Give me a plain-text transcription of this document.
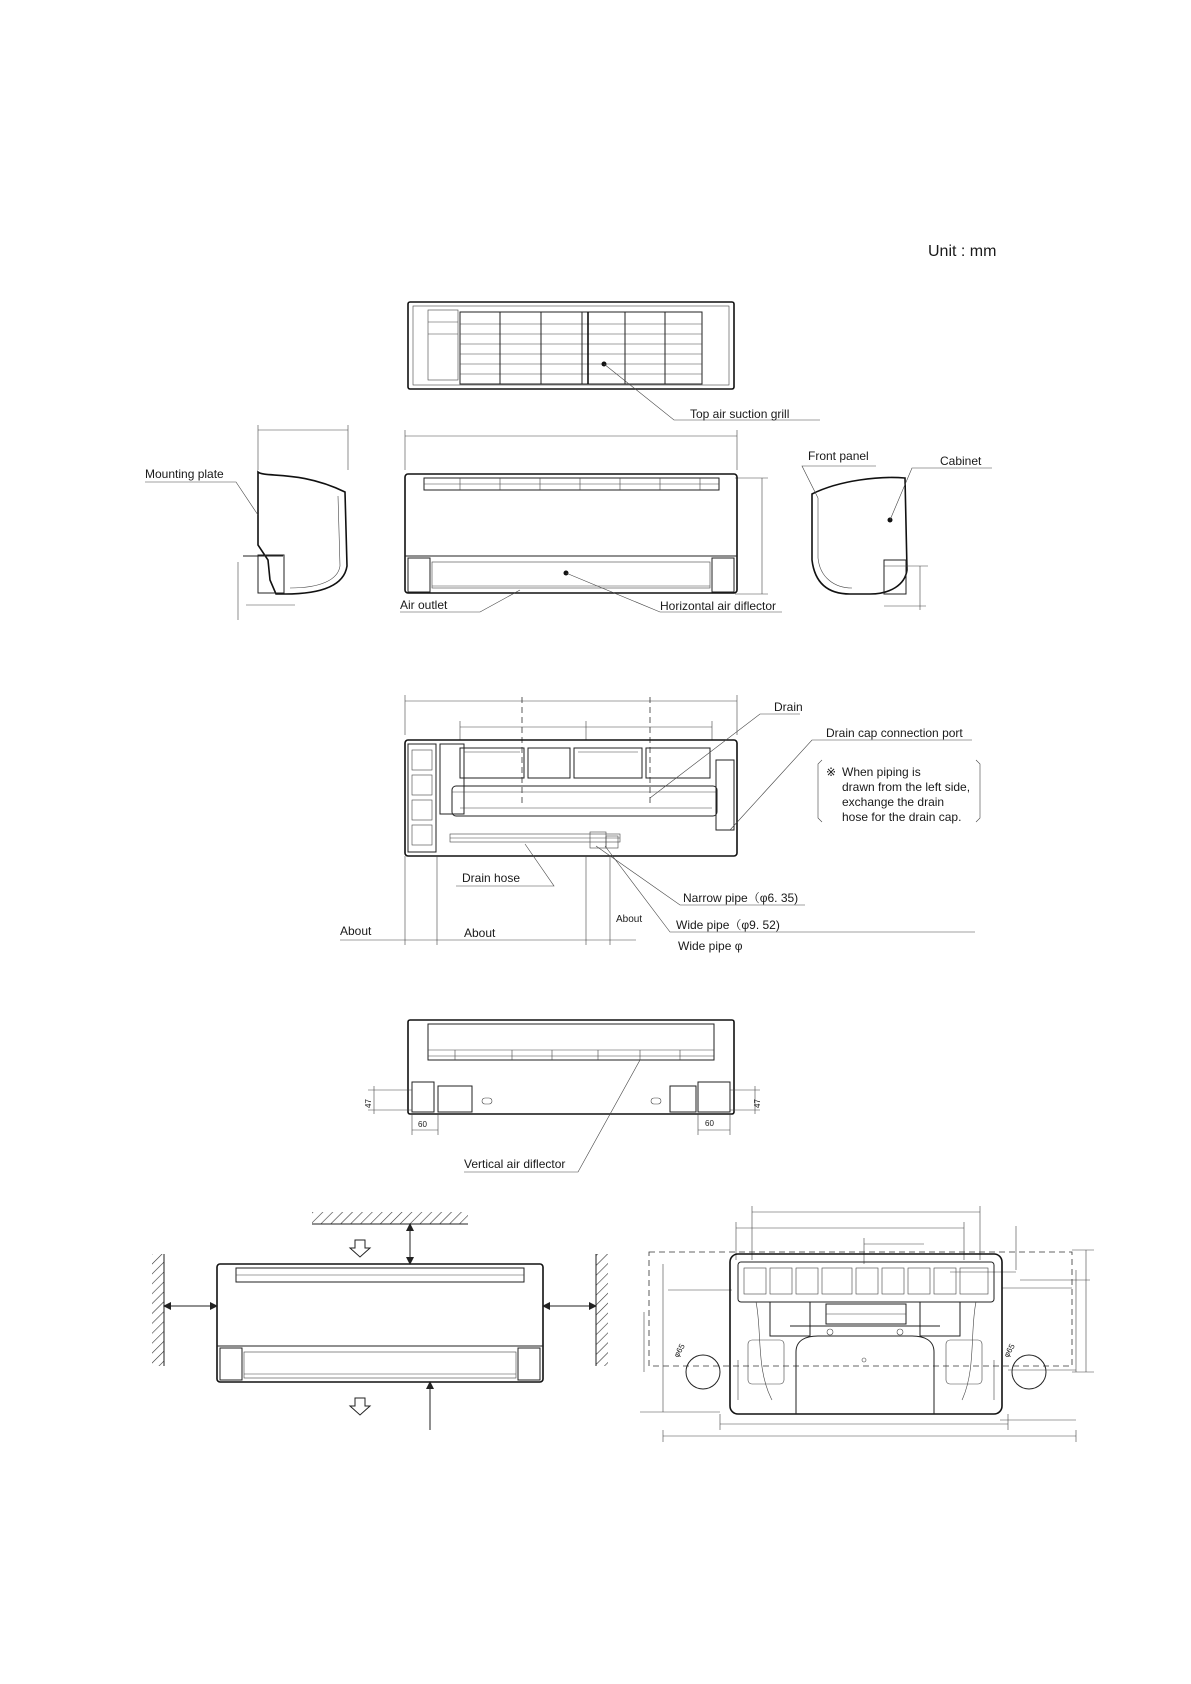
Unit : mm
Top air suction grill
Mounting plate
Horizontal air diflector
Air outlet
Cabinet
Front panel
Drain
Drain cap connection port
※ When piping is
drawn from the left side,
exchange the drain
hose for the drain cap.
Drain hose
Narrow pipe（φ6. 35)
Wide pipe（φ9. 52)
Wide pipe φ
About	About
About
47	47
60	60
Vertical air diflector
φ65	φ65
